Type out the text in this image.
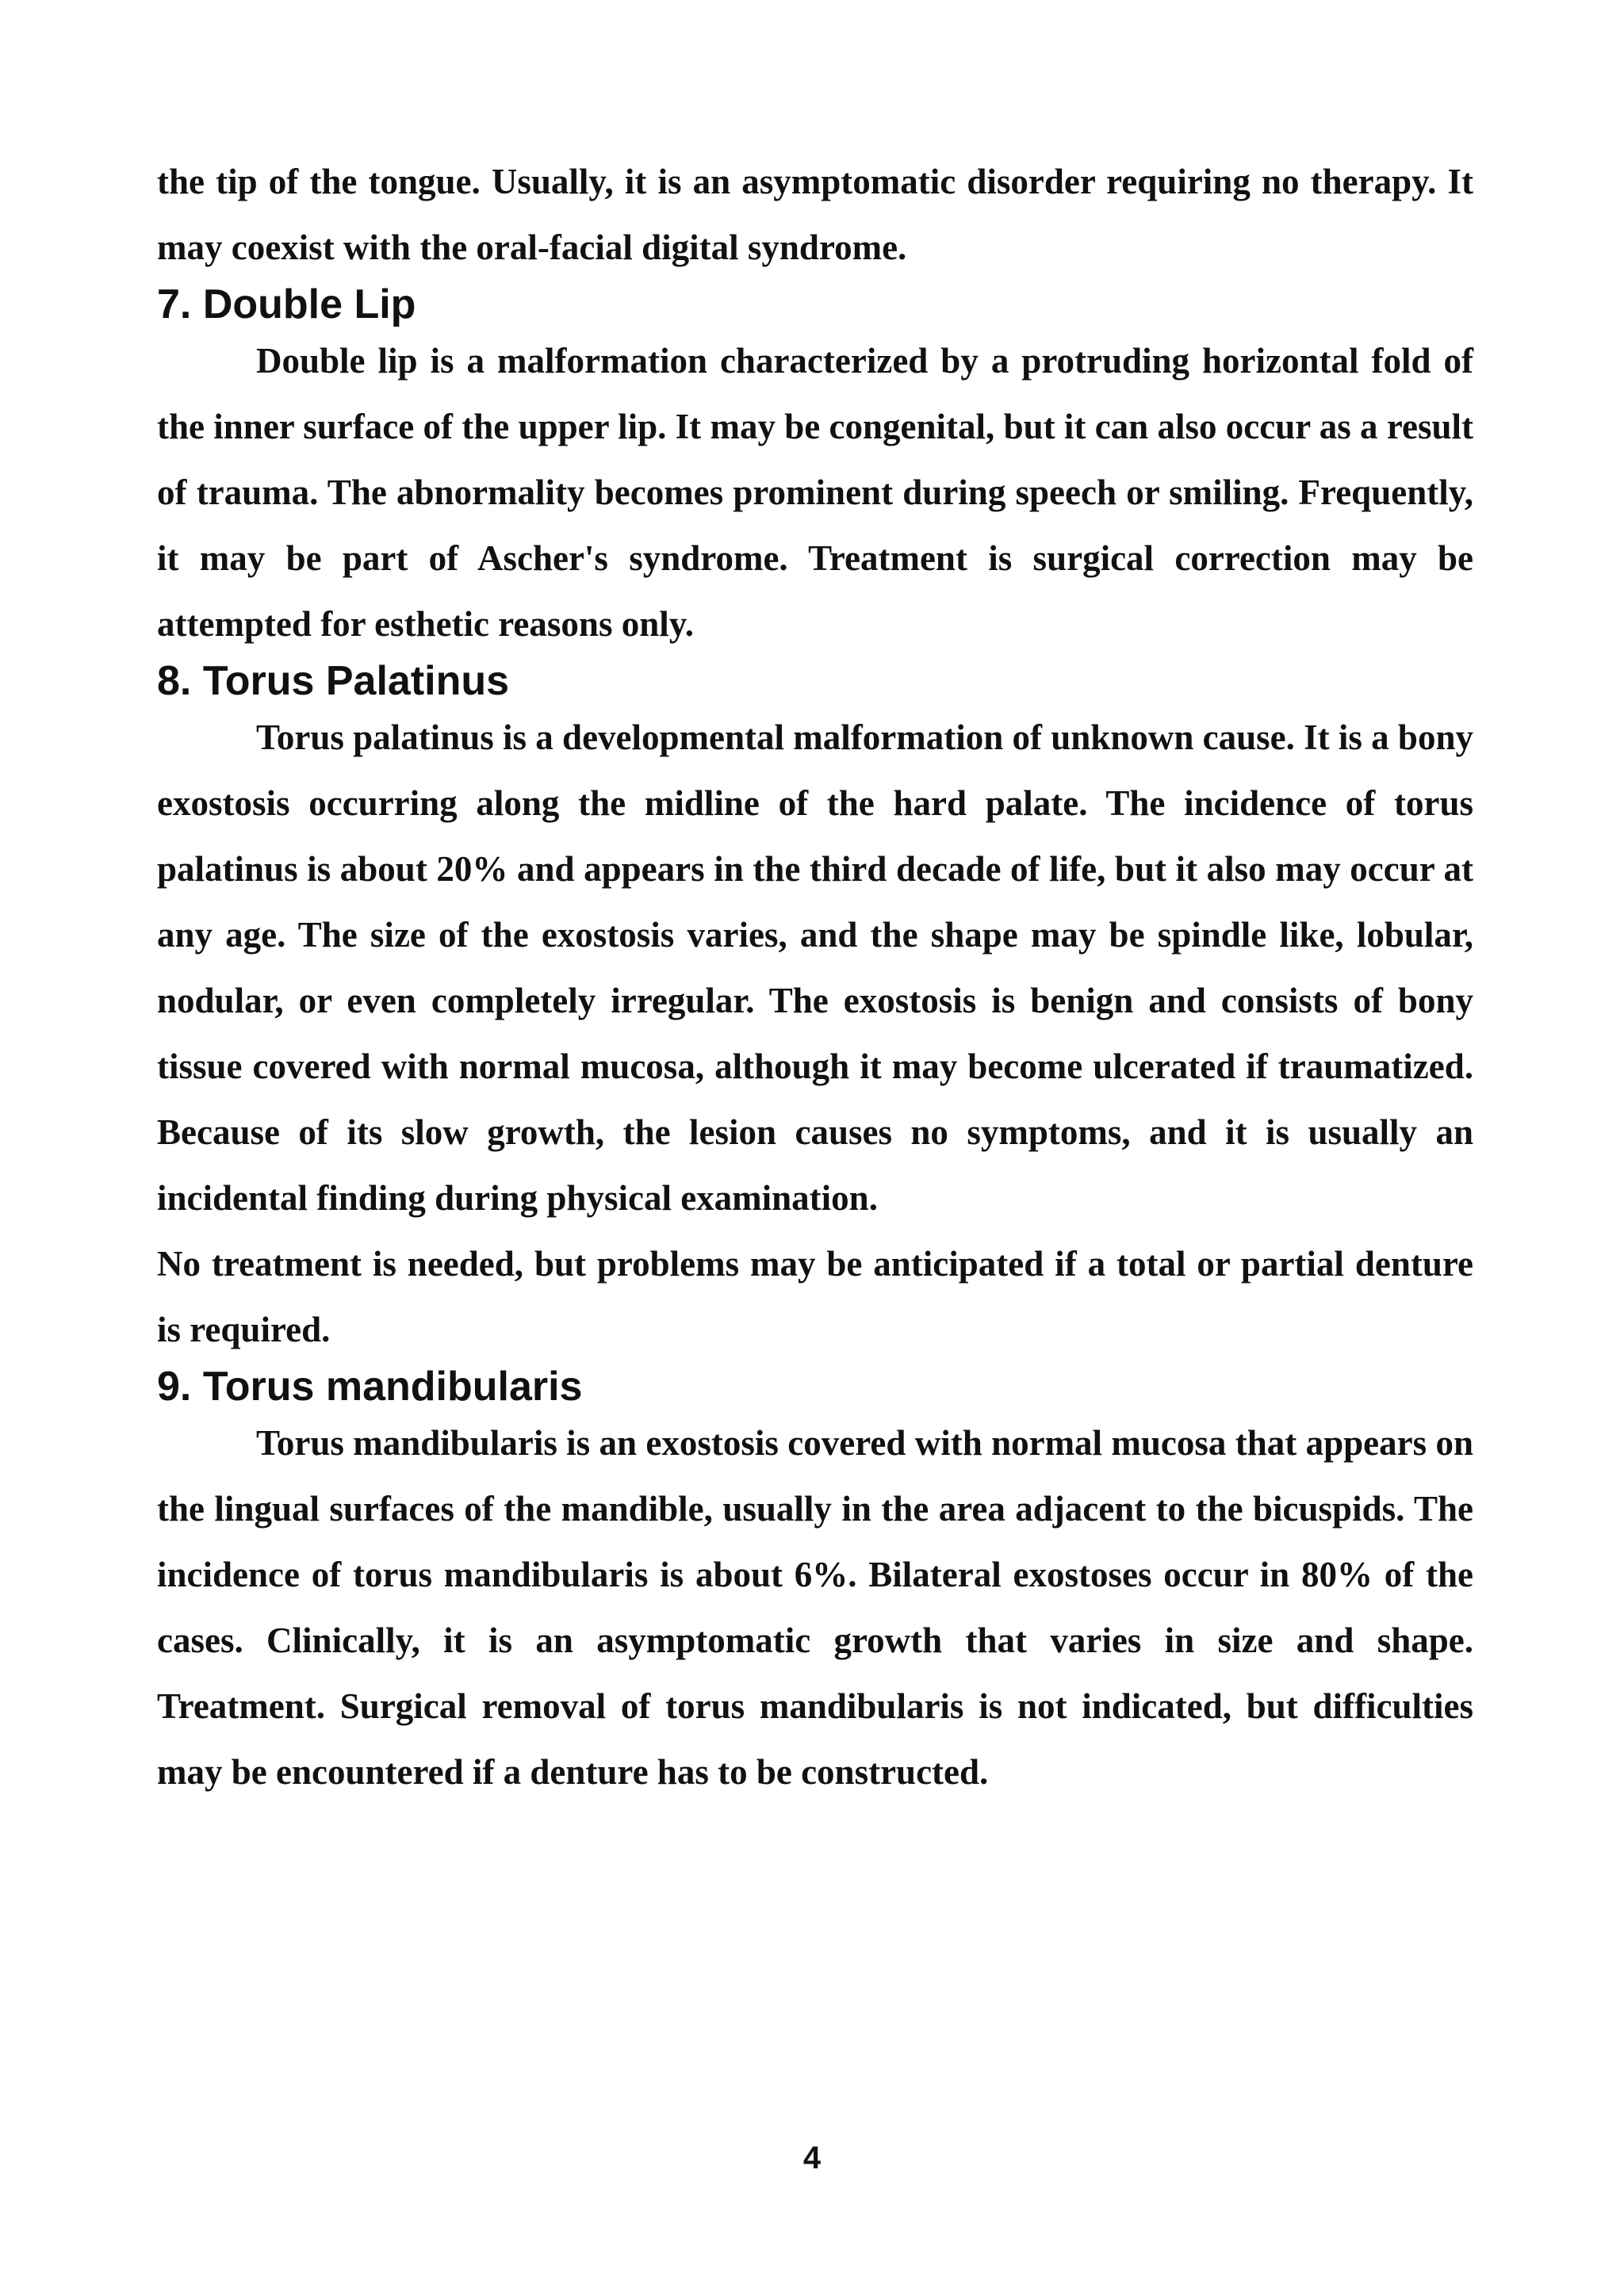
the tip of the tongue. Usually, it is an asymptomatic disorder requiring no therapy. It may coexist with the oral-facial digital syndrome.

7. Double Lip

Double lip is a malformation characterized by a protruding horizontal fold of the inner surface of the upper lip. It may be congenital, but it can also occur as a result of trauma. The abnormality becomes prominent during speech or smiling. Frequently, it may be part of Ascher's syndrome. Treatment is surgical correction may be attempted for esthetic reasons only.

8. Torus Palatinus

Torus palatinus is a developmental malformation of unknown cause. It is a bony exostosis occurring along the midline of the hard palate. The incidence of torus palatinus is about 20% and appears in the third decade of life, but it also may occur at any age. The size of the exostosis varies, and the shape may be spindle like, lobular, nodular, or even completely irregular. The exostosis is benign and consists of bony tissue covered with normal mucosa, although it may become ulcerated if traumatized. Because of its slow growth, the lesion causes no symptoms, and it is usually an incidental finding during physical examination.

No treatment is needed, but problems may be anticipated if a total or partial denture is required.

9. Torus mandibularis

Torus mandibularis is an exostosis covered with normal mucosa that appears on the lingual surfaces of the mandible, usually in the area adjacent to the bicuspids. The incidence of torus mandibularis is about 6%. Bilateral exostoses occur in 80% of the cases. Clinically, it is an asymptomatic growth that varies in size and shape. Treatment. Surgical removal of torus mandibularis is not indicated, but difficulties may be encountered if a denture has to be constructed.

4
